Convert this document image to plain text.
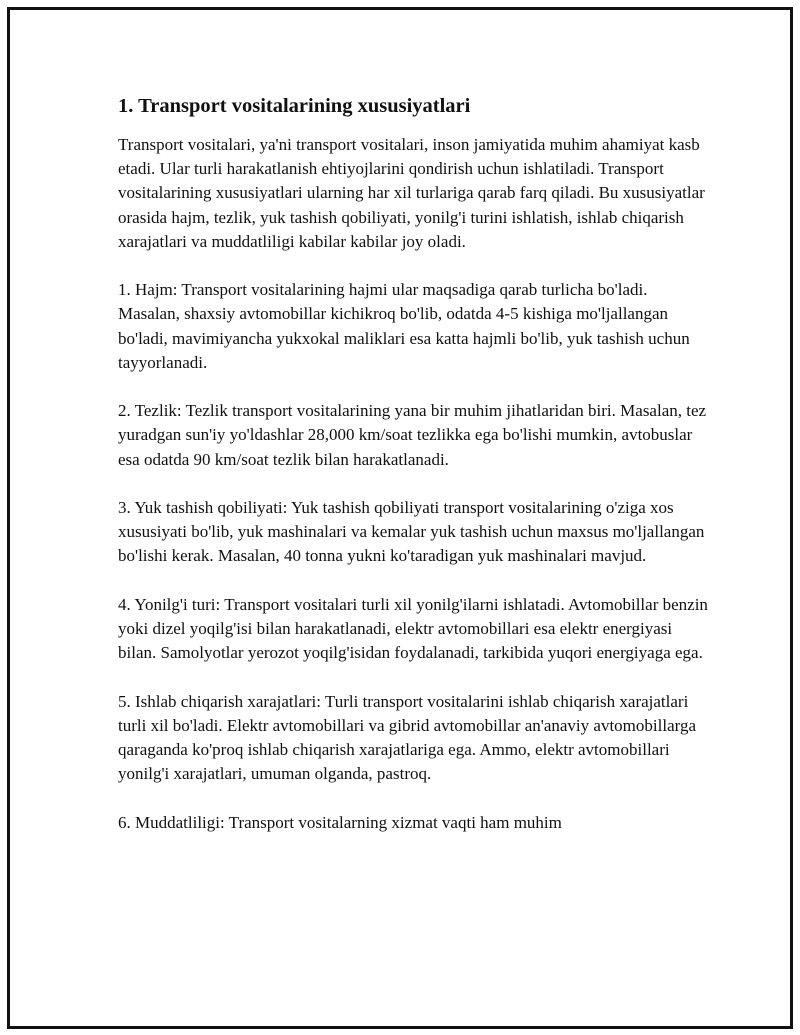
1. Transport vositalarining xususiyatlari

Transport vositalari, ya'ni transport vositalari, inson jamiyatida muhim ahamiyat kasb etadi. Ular turli harakatlanish ehtiyojlarini qondirish uchun ishlatiladi. Transport vositalarining xususiyatlari ularning har xil turlariga qarab farq qiladi. Bu xususiyatlar orasida hajm, tezlik, yuk tashish qobiliyati, yonilg'i turini ishlatish, ishlab chiqarish xarajatlari va muddatliligi kabilar kabilar joy oladi.

1. Hajm: Transport vositalarining hajmi ular maqsadiga qarab turlicha bo'ladi. Masalan, shaxsiy avtomobillar kichikroq bo'lib, odatda 4-5 kishiga mo'ljallangan bo'ladi, mavimiyancha yukxokal maliklari esa katta hajmli bo'lib, yuk tashish uchun tayyorlanadi.

2. Tezlik: Tezlik transport vositalarining yana bir muhim jihatlaridan biri. Masalan, tez yuradgan sun'iy yo'ldashlar 28,000 km/soat tezlikka ega bo'lishi mumkin, avtobuslar esa odatda 90 km/soat tezlik bilan harakatlanadi.

3. Yuk tashish qobiliyati: Yuk tashish qobiliyati transport vositalarining o'ziga xos xususiyati bo'lib, yuk mashinalari va kemalar yuk tashish uchun maxsus mo'ljallangan bo'lishi kerak. Masalan, 40 tonna yukni ko'taradigan yuk mashinalari mavjud.

4. Yonilg'i turi: Transport vositalari turli xil yonilg'ilarni ishlatadi. Avtomobillar benzin yoki dizel yoqilg'isi bilan harakatlanadi, elektr avtomobillari esa elektr energiyasi bilan. Samolyotlar yerozot yoqilg'isidan foydalanadi, tarkibida yuqori energiyaga ega.

5. Ishlab chiqarish xarajatlari: Turli transport vositalarini ishlab chiqarish xarajatlari turli xil bo'ladi. Elektr avtomobillari va gibrid avtomobillar an'anaviy avtomobillarga qaraganda ko'proq ishlab chiqarish xarajatlariga ega. Ammo, elektr avtomobillari yonilg'i xarajatlari, umuman olganda, pastroq.

6. Muddatliligi: Transport vositalarning xizmat vaqti ham muhim
